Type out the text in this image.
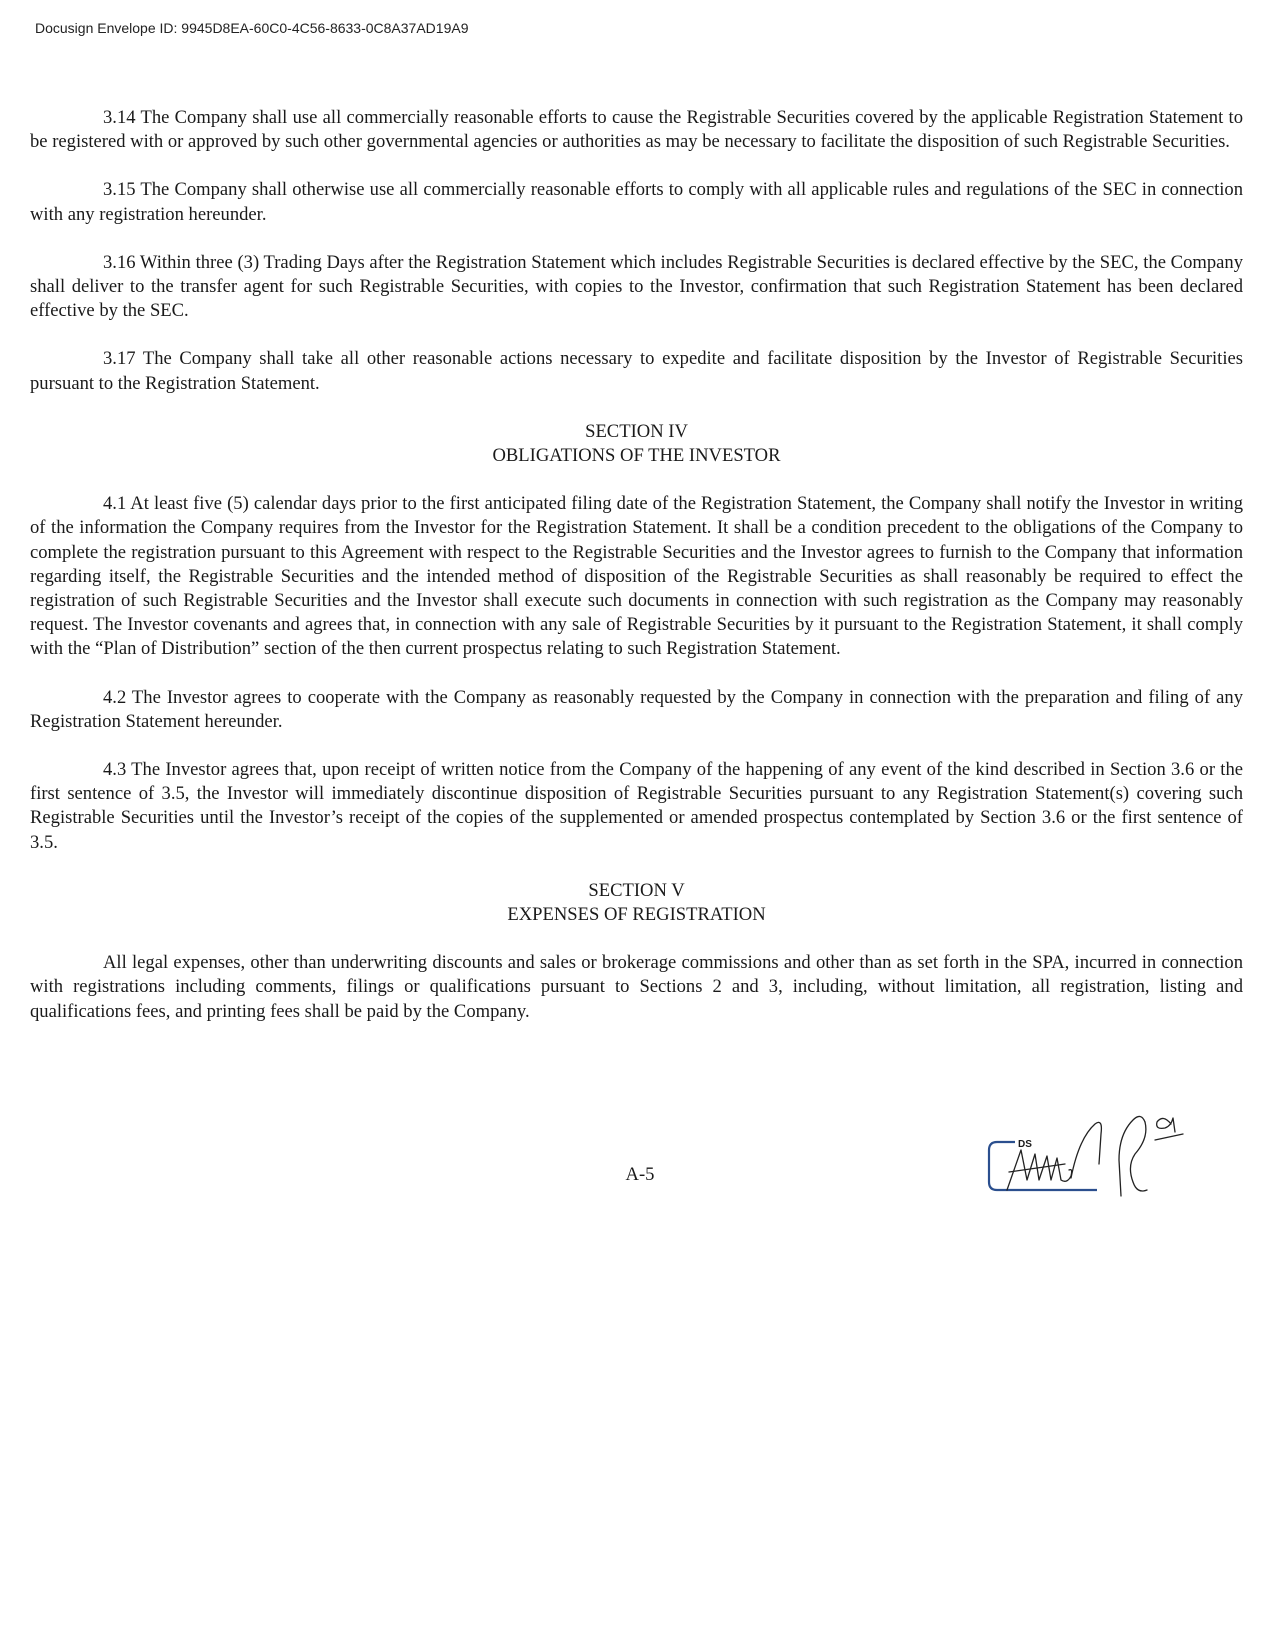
Docusign Envelope ID: 9945D8EA-60C0-4C56-8633-0C8A37AD19A9

3.14 The Company shall use all commercially reasonable efforts to cause the Registrable Securities covered by the applicable Registration Statement to be registered with or approved by such other governmental agencies or authorities as may be necessary to facilitate the disposition of such Registrable Securities.

3.15 The Company shall otherwise use all commercially reasonable efforts to comply with all applicable rules and regulations of the SEC in connection with any registration hereunder.

3.16 Within three (3) Trading Days after the Registration Statement which includes Registrable Securities is declared effective by the SEC, the Company shall deliver to the transfer agent for such Registrable Securities, with copies to the Investor, confirmation that such Registration Statement has been declared effective by the SEC.

3.17 The Company shall take all other reasonable actions necessary to expedite and facilitate disposition by the Investor of Registrable Securities pursuant to the Registration Statement.

SECTION IV
OBLIGATIONS OF THE INVESTOR

4.1 At least five (5) calendar days prior to the first anticipated filing date of the Registration Statement, the Company shall notify the Investor in writing of the information the Company requires from the Investor for the Registration Statement. It shall be a condition precedent to the obligations of the Company to complete the registration pursuant to this Agreement with respect to the Registrable Securities and the Investor agrees to furnish to the Company that information regarding itself, the Registrable Securities and the intended method of disposition of the Registrable Securities as shall reasonably be required to effect the registration of such Registrable Securities and the Investor shall execute such documents in connection with such registration as the Company may reasonably request. The Investor covenants and agrees that, in connection with any sale of Registrable Securities by it pursuant to the Registration Statement, it shall comply with the “Plan of Distribution” section of the then current prospectus relating to such Registration Statement.

4.2 The Investor agrees to cooperate with the Company as reasonably requested by the Company in connection with the preparation and filing of any Registration Statement hereunder.

4.3 The Investor agrees that, upon receipt of written notice from the Company of the happening of any event of the kind described in Section 3.6 or the first sentence of 3.5, the Investor will immediately discontinue disposition of Registrable Securities pursuant to any Registration Statement(s) covering such Registrable Securities until the Investor’s receipt of the copies of the supplemented or amended prospectus contemplated by Section 3.6 or the first sentence of 3.5.

SECTION V
EXPENSES OF REGISTRATION

All legal expenses, other than underwriting discounts and sales or brokerage commissions and other than as set forth in the SPA, incurred in connection with registrations including comments, filings or qualifications pursuant to Sections 2 and 3, including, without limitation, all registration, listing and qualifications fees, and printing fees shall be paid by the Company.

A-5
DS
